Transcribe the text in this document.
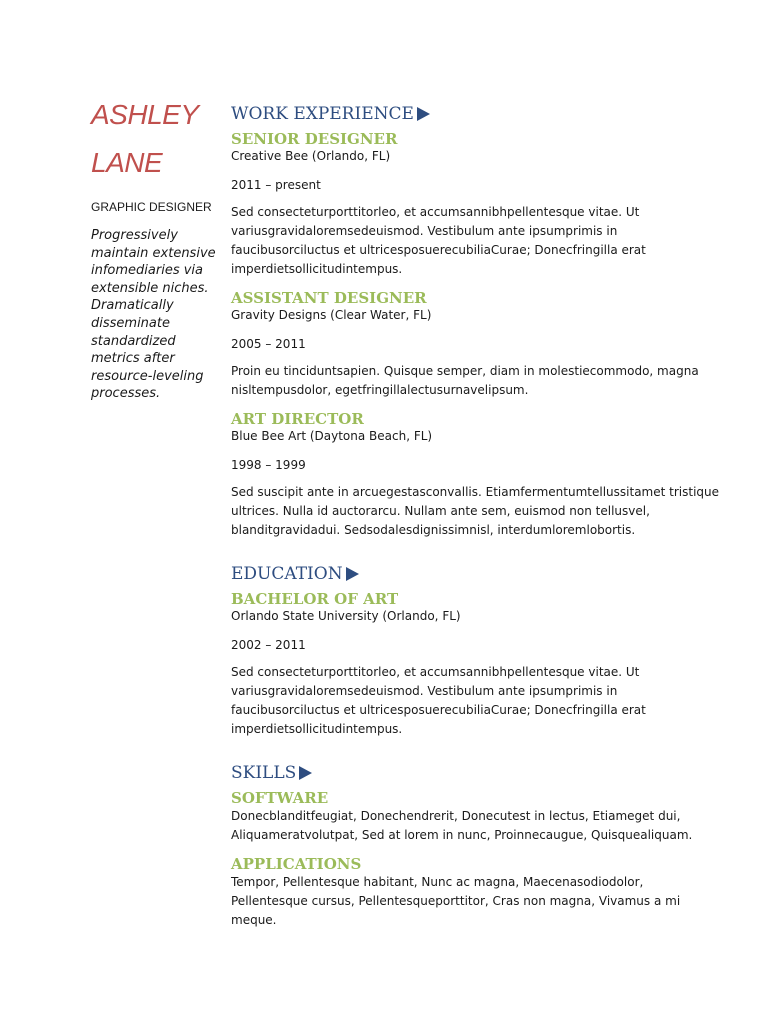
ASHLEY

LANE

GRAPHIC DESIGNER
Progressively maintain extensive infomediaries via extensible niches. Dramatically disseminate standardized metrics after resource-leveling processes.
WORK EXPERIENCE

SENIOR DESIGNER

Creative Bee (Orlando, FL)

2011 – present

Sed consecteturporttitorleo, et accumsannibhpellentesque vitae. Ut variusgravidaloremsedeuismod. Vestibulum ante ipsumprimis in faucibusorciluctus et ultricesposuerecubiliaCurae; Donecfringilla erat imperdietsollicitudintempus.

ASSISTANT DESIGNER

Gravity Designs (Clear Water, FL)

2005 – 2011

Proin eu tinciduntsapien. Quisque semper, diam in molestiecommodo, magna nisltempusdolor, egetfringillalectusurnavelipsum.

ART DIRECTOR

Blue Bee Art (Daytona Beach, FL)

1998 – 1999

Sed suscipit ante in arcuegestasconvallis. Etiamfermentumtellussitamet tristique ultrices. Nulla id auctorarcu. Nullam ante sem, euismod non tellusvel, blanditgravidadui. Sedsodalesdignissimnisl, interdumloremlobortis.

EDUCATION

BACHELOR OF ART

Orlando State University (Orlando, FL)

2002 – 2011

Sed consecteturporttitorleo, et accumsannibhpellentesque vitae. Ut variusgravidaloremsedeuismod. Vestibulum ante ipsumprimis in faucibusorciluctus et ultricesposuerecubiliaCurae; Donecfringilla erat imperdietsollicitudintempus.

SKILLS

SOFTWARE

Donecblanditfeugiat, Donechendrerit, Donecutest in lectus, Etiameget dui, Aliquameratvolutpat, Sed at lorem in nunc, Proinnecaugue, Quisquealiquam.

APPLICATIONS

Tempor, Pellentesque habitant, Nunc ac magna, Maecenasodiodolor, Pellentesque cursus, Pellentesqueporttitor, Cras non magna, Vivamus a mi meque.
